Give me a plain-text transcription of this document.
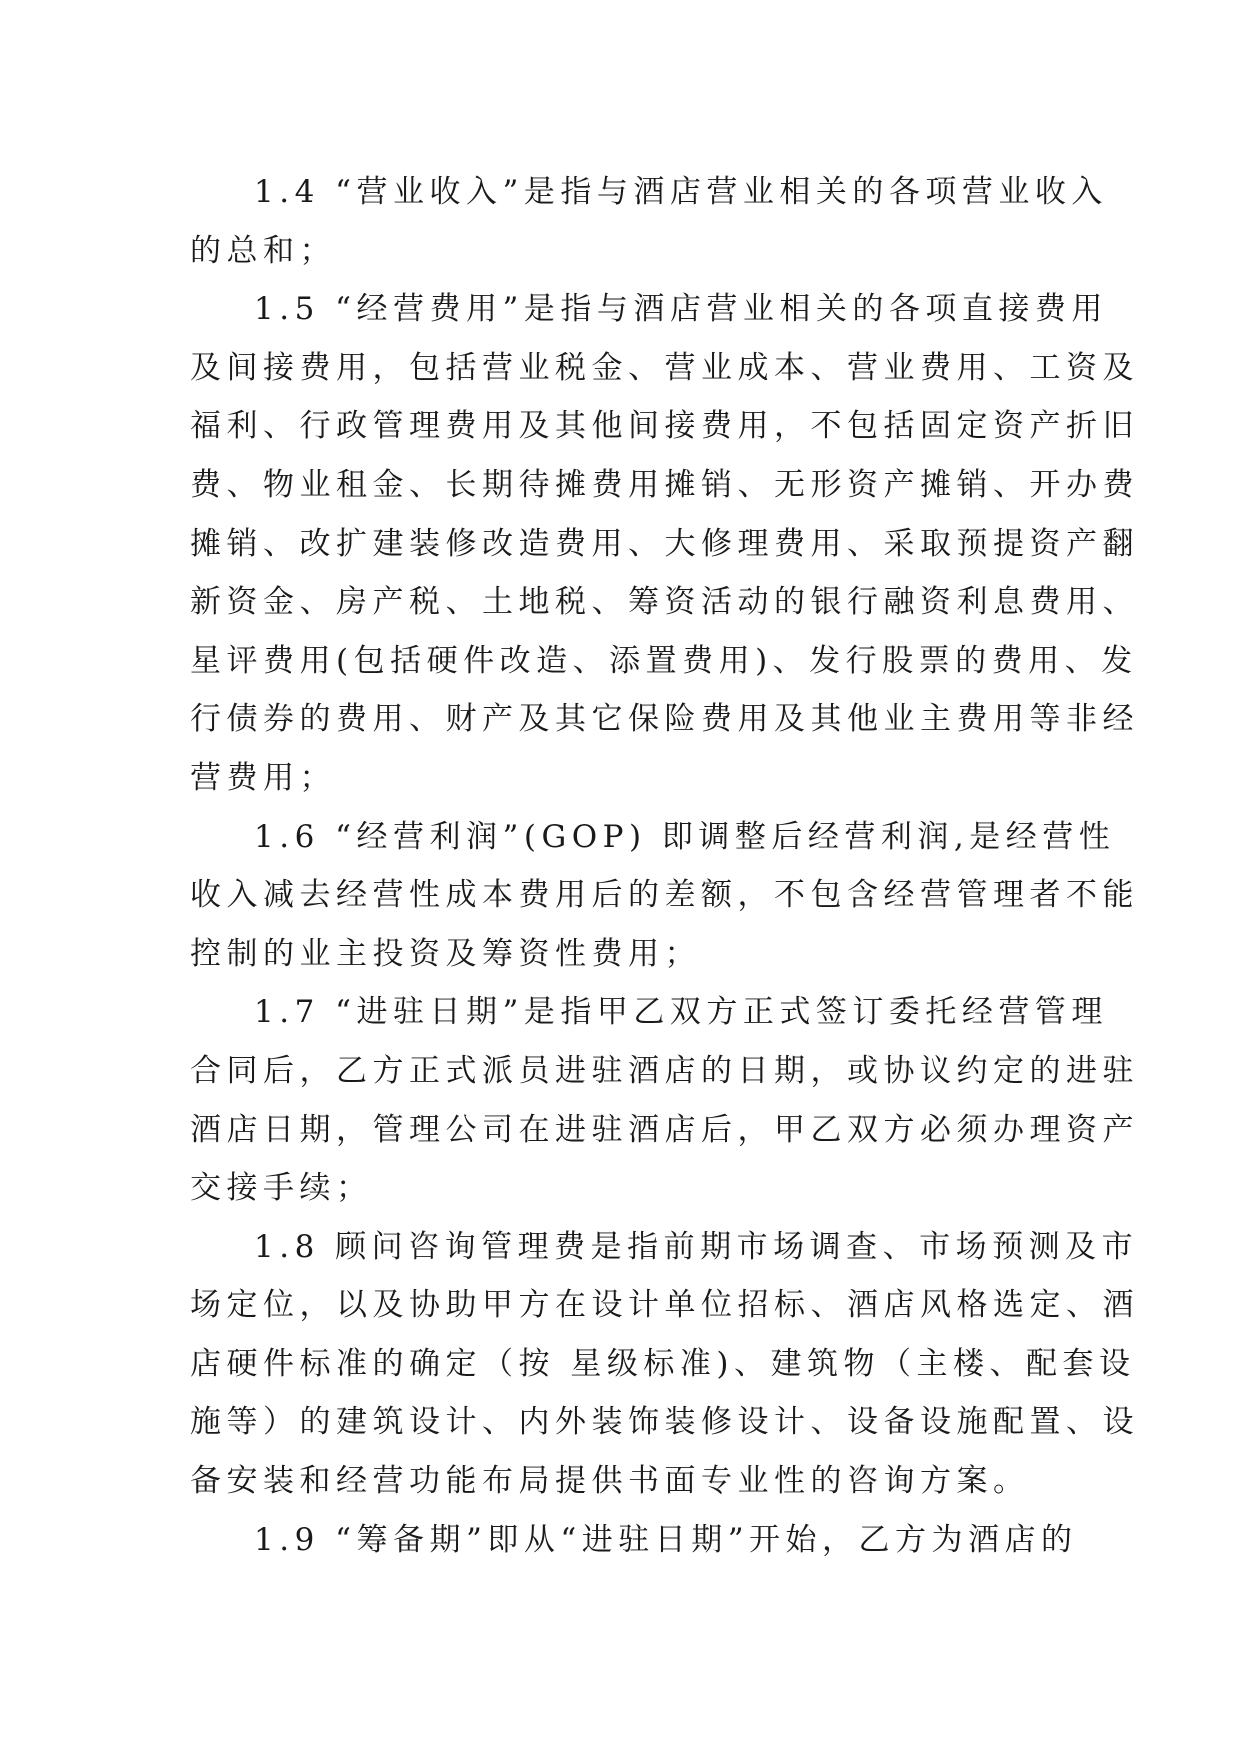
1.4 “营业收入”是指与酒店营业相关的各项营业收入
的总和；
1.5 “经营费用”是指与酒店营业相关的各项直接费用
及间接费用，包括营业税金、营业成本、营业费用、工资及
福利、行政管理费用及其他间接费用，不包括固定资产折旧
费、物业租金、长期待摊费用摊销、无形资产摊销、开办费
摊销、改扩建装修改造费用、大修理费用、采取预提资产翻
新资金、房产税、土地税、筹资活动的银行融资利息费用、
星评费用(包括硬件改造、添置费用)、发行股票的费用、发
行债券的费用、财产及其它保险费用及其他业主费用等非经
营费用；
1.6 “经营利润”(GOP) 即调整后经营利润,是经营性
收入减去经营性成本费用后的差额，不包含经营管理者不能
控制的业主投资及筹资性费用；
1.7 “进驻日期”是指甲乙双方正式签订委托经营管理
合同后，乙方正式派员进驻酒店的日期，或协议约定的进驻
酒店日期，管理公司在进驻酒店后，甲乙双方必须办理资产
交接手续；
1.8 顾问咨询管理费是指前期市场调查、市场预测及市
场定位，以及协助甲方在设计单位招标、酒店风格选定、酒
店硬件标准的确定（按 星级标准)、建筑物（主楼、配套设
施等）的建筑设计、内外装饰装修设计、设备设施配置、设
备安装和经营功能布局提供书面专业性的咨询方案。
1.9 “筹备期”即从“进驻日期”开始，乙方为酒店的
